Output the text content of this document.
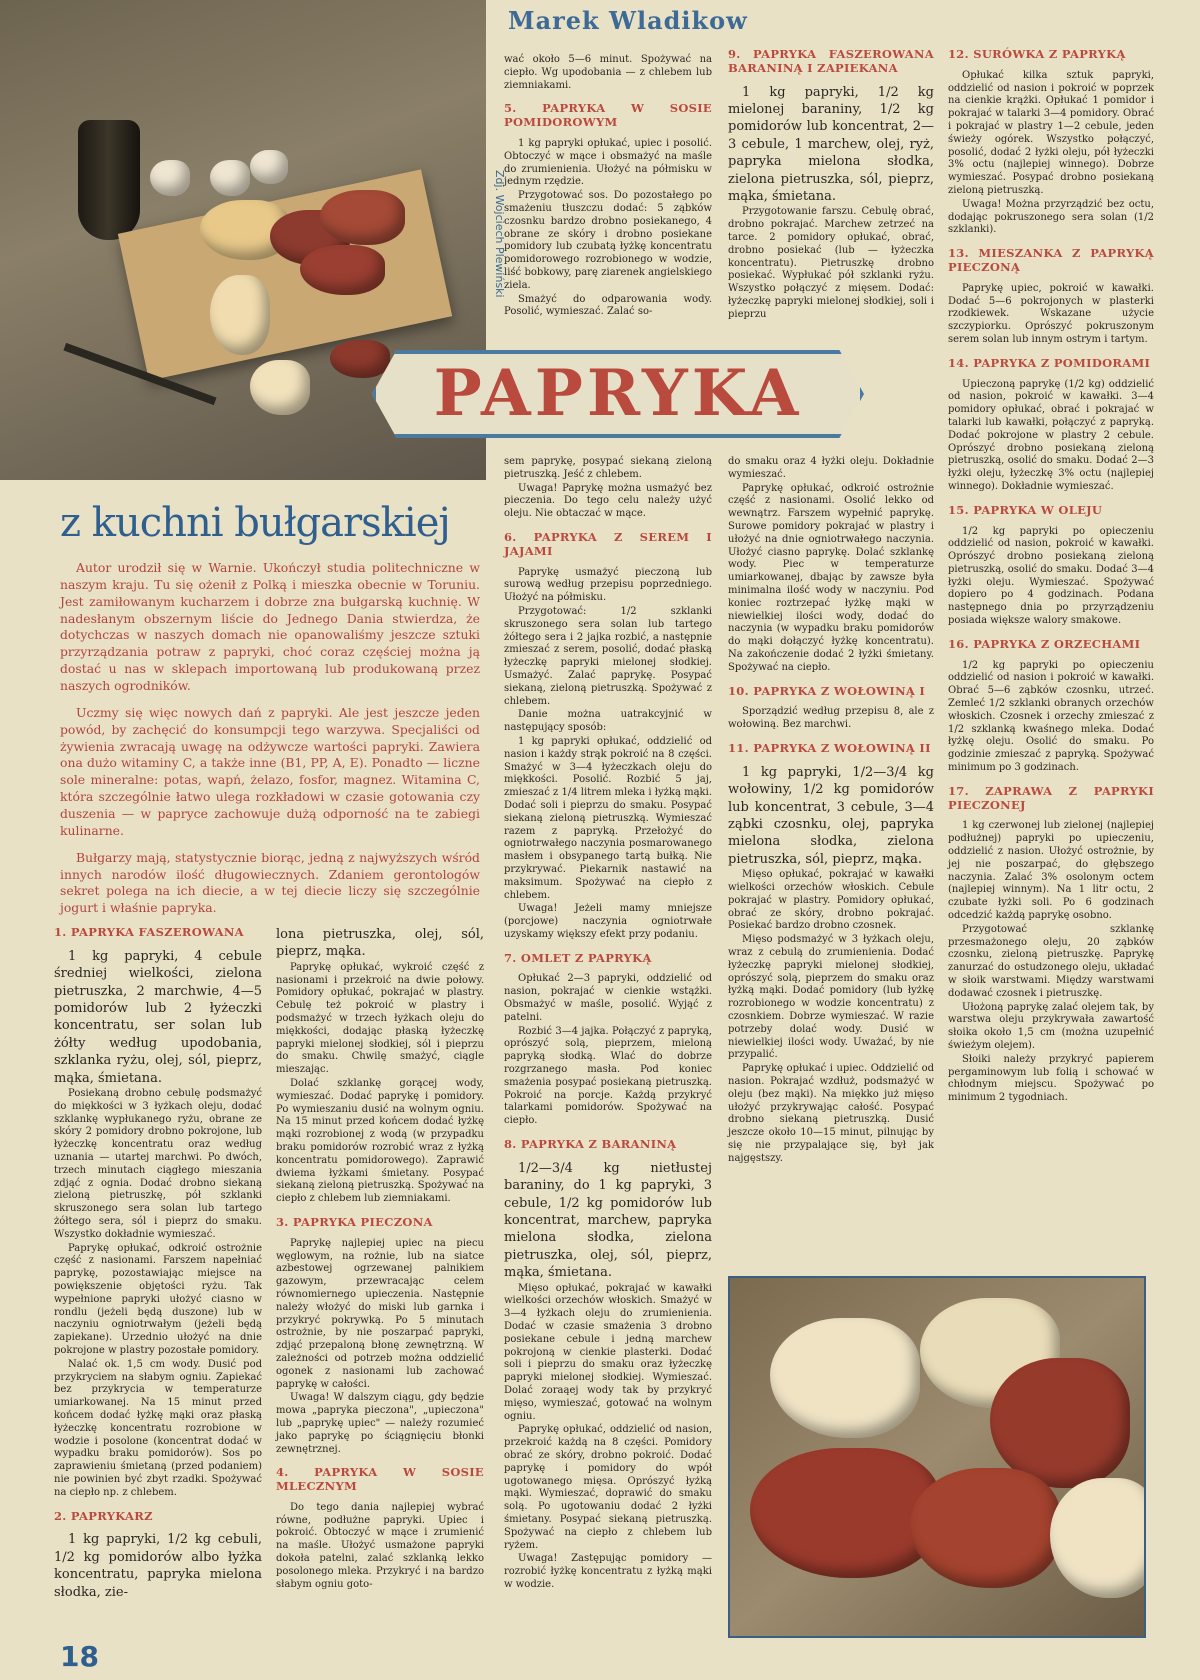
Zdj. Wojciech Plewiński
Marek Wladikow
PAPRYKA
z kuchni bułgarskiej

Autor urodził się w Warnie. Ukończył studia politechniczne w naszym kraju. Tu się ożenił z Polką i mieszka obecnie w Toruniu. Jest zamiłowanym kucharzem i dobrze zna bułgarską kuchnię. W nadesłanym obszernym liście do Jednego Dania stwierdza, że dotychczas w naszych domach nie opanowaliśmy jeszcze sztuki przyrządzania potraw z papryki, choć coraz częściej można ją dostać u nas w sklepach importowaną lub produkowaną przez naszych ogrodników.

Uczmy się więc nowych dań z papryki. Ale jest jeszcze jeden powód, by zachęcić do konsumpcji tego warzywa. Specjaliści od żywienia zwracają uwagę na odżywcze wartości papryki. Zawiera ona dużo witaminy C, a także inne (B1, PP, A, E). Ponadto — liczne sole mineralne: potas, wapń, żelazo, fosfor, magnez. Witamina C, która szczególnie łatwo ulega rozkładowi w czasie gotowania czy duszenia — w papryce zachowuje dużą odporność na te zabiegi kulinarne.

Bułgarzy mają, statystycznie biorąc, jedną z najwyższych wśród innych narodów ilość długowiecznych. Zdaniem gerontologów sekret polega na ich diecie, a w tej diecie liczy się szczególnie jogurt i właśnie papryka.

1. PAPRYKA FASZEROWANA

1 kg papryki, 4 cebule średniej wielkości, zielona pietruszka, 2 marchwie, 4—5 pomidorów lub 2 łyżeczki koncentratu, ser solan lub żółty według upodobania, szklanka ryżu, olej, sól, pieprz, mąka, śmietana.

Posiekaną drobno cebulę podsmażyć do miękkości w 3 łyżkach oleju, dodać szklankę wypłukanego ryżu, obrane ze skóry 2 pomidory drobno pokrojone, lub łyżeczkę koncentratu oraz według uznania — utartej marchwi. Po dwóch, trzech minutach ciągłego mieszania zdjąć z ognia. Dodać drobno siekaną zieloną pietruszkę, pół szklanki skruszonego sera solan lub tartego żółtego sera, sól i pieprz do smaku. Wszystko dokładnie wymieszać.

Paprykę opłukać, odkroić ostrożnie część z nasionami. Farszem napełniać paprykę, pozostawiając miejsce na powiększenie objętości ryżu. Tak wypełnione papryki ułożyć ciasno w rondlu (jeżeli będą duszone) lub w naczyniu ogniotrwałym (jeżeli będą zapiekane). Urzednio ułożyć na dnie pokrojone w plastry pozostałe pomidory.

Nalać ok. 1,5 cm wody. Dusić pod przykryciem na słabym ogniu. Zapiekać bez przykrycia w temperaturze umiarkowanej. Na 15 minut przed końcem dodać łyżkę mąki oraz płaską łyżeczkę koncentratu rozrobione w wodzie i posolone (koncentrat dodać w wypadku braku pomidorów). Sos po zaprawieniu śmietaną (przed podaniem) nie powinien być zbyt rzadki. Spożywać na ciepło np. z chlebem.

2. PAPRYKARZ

1 kg papryki, 1/2 kg cebuli, 1/2 kg pomidorów albo łyżka koncentratu, papryka mielona słodka, zie-

lona pietruszka, olej, sól, pieprz, mąka.

Paprykę opłukać, wykroić część z nasionami i przekroić na dwie połowy. Pomidory opłukać, pokrajać w plastry. Cebulę też pokroić w plastry i podsmażyć w trzech łyżkach oleju do miękkości, dodając płaską łyżeczkę papryki mielonej słodkiej, sól i pieprzu do smaku. Chwilę smażyć, ciągle mieszając.

Dolać szklankę gorącej wody, wymieszać. Dodać paprykę i pomidory. Po wymieszaniu dusić na wolnym ogniu. Na 15 minut przed końcem dodać łyżkę mąki rozrobionej z wodą (w przypadku braku pomidorów rozrobić wraz z łyżką koncentratu pomidorowego). Zaprawić dwiema łyżkami śmietany. Posypać siekaną zieloną pietruszką. Spożywać na ciepło z chlebem lub ziemniakami.

3. PAPRYKA PIECZONA

Paprykę najlepiej upiec na piecu węglowym, na rożnie, lub na siatce azbestowej ogrzewanej palnikiem gazowym, przewracając celem równomiernego upieczenia. Następnie należy włożyć do miski lub garnka i przykryć pokrywką. Po 5 minutach ostrożnie, by nie poszarpać papryki, zdjąć przepaloną błonę zewnętrzną. W zależności od potrzeb można oddzielić ogonek z nasionami lub zachować paprykę w całości.

Uwaga! W dalszym ciągu, gdy będzie mowa „papryka pieczona", „upieczona" lub „paprykę upiec" — należy rozumieć jako paprykę po ściągnięciu błonki zewnętrznej.

4. PAPRYKA W SOSIE MLECZNYM

Do tego dania najlepiej wybrać równe, podłużne papryki. Upiec i pokroić. Obtoczyć w mące i zrumienić na maśle. Ułożyć usmażone papryki dokoła patelni, zalać szklanką lekko posolonego mleka. Przykryć i na bardzo słabym ogniu goto-

wać około 5—6 minut. Spożywać na ciepło. Wg upodobania — z chlebem lub ziemniakami.

5. PAPRYKA W SOSIE POMIDOROWYM

1 kg papryki opłukać, upiec i posolić. Obtoczyć w mące i obsmażyć na maśle do zrumienienia. Ułożyć na półmisku w jednym rzędzie.

Przygotować sos. Do pozostałego po smażeniu tłuszczu dodać: 5 ząbków czosnku bardzo drobno posiekanego, 4 obrane ze skóry i drobno posiekane pomidory lub czubatą łyżkę koncentratu pomidorowego rozrobionego w wodzie, liść bobkowy, parę ziarenek angielskiego ziela.

Smażyć do odparowania wody. Posolić, wymieszać. Zalać so-

sem paprykę, posypać siekaną zieloną pietruszką. Jeść z chlebem.

Uwaga! Paprykę można usmażyć bez pieczenia. Do tego celu należy użyć oleju. Nie obtaczać w mące.

6. PAPRYKA Z SEREM I JAJAMI

Paprykę usmażyć pieczoną lub surową według przepisu poprzedniego. Ułożyć na półmisku.

Przygotować: 1/2 szklanki skruszonego sera solan lub tartego żółtego sera i 2 jajka rozbić, a następnie zmieszać z serem, posolić, dodać płaską łyżeczkę papryki mielonej słodkiej. Usmażyć. Zalać paprykę. Posypać siekaną, zieloną pietruszką. Spożywać z chlebem.

Danie można uatrakcyjnić w następujący sposób:

1 kg papryki opłukać, oddzielić od nasion i każdy strąk pokroić na 8 części. Smażyć w 3—4 łyżeczkach oleju do miękkości. Posolić. Rozbić 5 jaj, zmieszać z 1/4 litrem mleka i łyżką mąki. Dodać soli i pieprzu do smaku. Posypać siekaną zieloną pietruszką. Wymieszać razem z papryką. Przełożyć do ogniotrwałego naczynia posmarowanego masłem i obsypanego tartą bułką. Nie przykrywać. Piekarnik nastawić na maksimum. Spożywać na ciepło z chlebem.

Uwaga! Jeżeli mamy mniejsze (porcjowe) naczynia ogniotrwałe uzyskamy większy efekt przy podaniu.

7. OMLET Z PAPRYKĄ

Opłukać 2—3 papryki, oddzielić od nasion, pokrajać w cienkie wstążki. Obsmażyć w maśle, posolić. Wyjąć z patelni.

Rozbić 3—4 jajka. Połączyć z papryką, oprószyć solą, pieprzem, mieloną papryką słodką. Wlać do dobrze rozgrzanego masła. Pod koniec smażenia posypać posiekaną pietruszką. Pokroić na porcje. Każdą przykryć talarkami pomidorów. Spożywać na ciepło.

8. PAPRYKA Z BARANINĄ

1/2—3/4 kg nietłustej baraniny, do 1 kg papryki, 3 cebule, 1/2 kg pomidorów lub koncentrat, marchew, papryka mielona słodka, zielona pietruszka, olej, sól, pieprz, mąka, śmietana.

Mięso opłukać, pokrajać w kawałki wielkości orzechów włoskich. Smażyć w 3—4 łyżkach oleju do zrumienienia. Dodać w czasie smażenia 3 drobno posiekane cebule i jedną marchew pokrojoną w cienkie plasterki. Dodać soli i pieprzu do smaku oraz łyżeczkę papryki mielonej słodkiej. Wymieszać. Dolać zoraąej wody tak by przykryć mięso, wymieszać, gotować na wolnym ogniu.

Paprykę opłukać, oddzielić od nasion, przekroić każdą na 8 części. Pomidory obrać ze skóry, drobno pokroić. Dodać paprykę i pomidory do wpół ugotowanego mięsa. Oprószyć łyżką mąki. Wymieszać, doprawić do smaku solą. Po ugotowaniu dodać 2 łyżki śmietany. Posypać siekaną pietruszką. Spożywać na ciepło z chlebem lub ryżem.

Uwaga! Zastępując pomidory — rozrobić łyżkę koncentratu z łyżką mąki w wodzie.

9. PAPRYKA FASZEROWANA BARANINĄ I ZAPIEKANA

1 kg papryki, 1/2 kg mielonej baraniny, 1/2 kg pomidorów lub koncentrat, 2—3 cebule, 1 marchew, olej, ryż, papryka mielona słodka, zielona pietruszka, sól, pieprz, mąka, śmietana.

Przygotowanie farszu. Cebulę obrać, drobno pokrajać. Marchew zetrzeć na tarce. 2 pomidory opłukać, obrać, drobno posiekać (lub — łyżeczka koncentratu). Pietruszkę drobno posiekać. Wypłukać pół szklanki ryżu. Wszystko połączyć z mięsem. Dodać: łyżeczkę papryki mielonej słodkiej, soli i pieprzu

do smaku oraz 4 łyżki oleju. Dokładnie wymieszać.

Paprykę opłukać, odkroić ostrożnie część z nasionami. Osolić lekko od wewnątrz. Farszem wypełnić paprykę. Surowe pomidory pokrajać w plastry i ułożyć na dnie ogniotrwałego naczynia. Ułożyć ciasno paprykę. Dolać szklankę wody. Piec w temperaturze umiarkowanej, dbając by zawsze była minimalna ilość wody w naczyniu. Pod koniec roztrzepać łyżkę mąki w niewielkiej ilości wody, dodać do naczynia (w wypadku braku pomidorów do mąki dołączyć łyżkę koncentratu). Na zakończenie dodać 2 łyżki śmietany. Spożywać na ciepło.

10. PAPRYKA Z WOŁOWINĄ I

Sporządzić według przepisu 8, ale z wołowiną. Bez marchwi.

11. PAPRYKA Z WOŁOWINĄ II

1 kg papryki, 1/2—3/4 kg wołowiny, 1/2 kg pomidorów lub koncentrat, 3 cebule, 3—4 ząbki czosnku, olej, papryka mielona słodka, zielona pietruszka, sól, pieprz, mąka.

Mięso opłukać, pokrajać w kawałki wielkości orzechów włoskich. Cebule pokrajać w plastry. Pomidory opłukać, obrać ze skóry, drobno pokrajać. Posiekać bardzo drobno czosnek.

Mięso podsmażyć w 3 łyżkach oleju, wraz z cebulą do zrumienienia. Dodać łyżeczkę papryki mielonej słodkiej, oprószyć solą, pieprzem do smaku oraz łyżką mąki. Dodać pomidory (lub łyżkę rozrobionego w wodzie koncentratu) z czosnkiem. Dobrze wymieszać. W razie potrzeby dolać wody. Dusić w niewielkiej ilości wody. Uważać, by nie przypalić.

Paprykę opłukać i upiec. Oddzielić od nasion. Pokrajać wzdłuż, podsmażyć w oleju (bez mąki). Na miękko już mięso ułożyć przykrywając całość. Posypać drobno siekaną pietruszką. Dusić jeszcze około 10—15 minut, pilnując by się nie przypalające się, był jak najgęstszy.

12. SURÓWKA Z PAPRYKĄ

Opłukać kilka sztuk papryki, oddzielić od nasion i pokroić w poprzek na cienkie krążki. Opłukać 1 pomidor i pokrajać w talarki 3—4 pomidory. Obrać i pokrajać w plastry 1—2 cebule, jeden świeży ogórek. Wszystko połączyć, posolić, dodać 2 łyżki oleju, pół łyżeczki 3% octu (najlepiej winnego). Dobrze wymieszać. Posypać drobno posiekaną zieloną pietruszką.

Uwaga! Można przyrządzić bez octu, dodając pokruszonego sera solan (1/2 szklanki).

13. MIESZANKA Z PAPRYKĄ PIECZONĄ

Paprykę upiec, pokroić w kawałki. Dodać 5—6 pokrojonych w plasterki rzodkiewek. Wskazane użycie szczypiorku. Oprószyć pokruszonym serem solan lub innym ostrym i tartym.

14. PAPRYKA Z POMIDORAMI

Upieczoną paprykę (1/2 kg) oddzielić od nasion, pokroić w kawałki. 3—4 pomidory opłukać, obrać i pokrajać w talarki lub kawałki, połączyć z papryką. Dodać pokrojone w plastry 2 cebule. Oprószyć drobno posiekaną zieloną pietruszką, osolić do smaku. Dodać 2—3 łyżki oleju, łyżeczkę 3% octu (najlepiej winnego). Dokładnie wymieszać.

15. PAPRYKA W OLEJU

1/2 kg papryki po opieczeniu oddzielić od nasion, pokroić w kawałki. Oprószyć drobno posiekaną zieloną pietruszką, osolić do smaku. Dodać 3—4 łyżki oleju. Wymieszać. Spożywać dopiero po 4 godzinach. Podana następnego dnia po przyrządzeniu posiada większe walory smakowe.

16. PAPRYKA Z ORZECHAMI

1/2 kg papryki po opieczeniu oddzielić od nasion i pokroić w kawałki. Obrać 5—6 ząbków czosnku, utrzeć. Zemleć 1/2 szklanki obranych orzechów włoskich. Czosnek i orzechy zmieszać z 1/2 szklanką kwaśnego mleka. Dodać łyżkę oleju. Osolić do smaku. Po godzinie zmieszać z papryką. Spożywać minimum po 3 godzinach.

17. ZAPRAWA Z PAPRYKI PIECZONEJ

1 kg czerwonej lub zielonej (najlepiej podłużnej) papryki po upieczeniu, oddzielić z nasion. Ułożyć ostrożnie, by jej nie poszarpać, do głębszego naczynia. Zalać 3% osolonym octem (najlepiej winnym). Na 1 litr octu, 2 czubate łyżki soli. Po 6 godzinach odcedzić każdą paprykę osobno.

Przygotować szklankę przesmażonego oleju, 20 ząbków czosnku, zieloną pietruszkę. Paprykę zanurzać do ostudzonego oleju, układać w słoik warstwami. Między warstwami dodawać czosnek i pietruszkę.

Ułożoną paprykę zalać olejem tak, by warstwa oleju przykrywała zawartość słoika około 1,5 cm (można uzupełnić świeżym olejem).

Słoiki należy przykryć papierem pergaminowym lub folią i schować w chłodnym miejscu. Spożywać po minimum 2 tygodniach.

18
